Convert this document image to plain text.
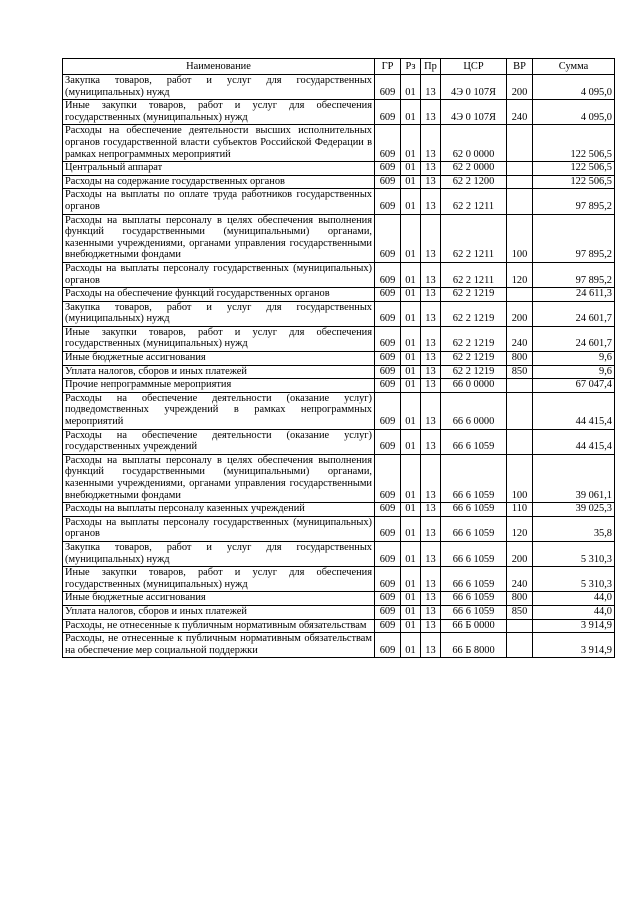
Наименование	ГР	Рз	Пр	ЦСР	ВР	Сумма
Закупка товаров, работ и услуг для государственных (муниципальных) нужд	609	01	13	4Э 0 107Я	200	4 095,0
Иные закупки товаров, работ и услуг для обеспечения государственных (муниципальных) нужд	609	01	13	4Э 0 107Я	240	4 095,0
Расходы на обеспечение деятельности высших исполнительных органов государственной власти субъектов Российской Федерации в рамках непрограммных мероприятий	609	01	13	62 0 0000		122 506,5
Центральный аппарат	609	01	13	62 2 0000		122 506,5
Расходы на содержание государственных органов	609	01	13	62 2 1200		122 506,5
Расходы на выплаты по оплате труда работников государственных органов	609	01	13	62 2 1211		97 895,2
Расходы на выплаты персоналу в целях обеспечения выполнения функций государственными (муниципальными) органами, казенными учреждениями, органами управления государственными внебюджетными фондами	609	01	13	62 2 1211	100	97 895,2
Расходы на выплаты персоналу государственных (муниципальных) органов	609	01	13	62 2 1211	120	97 895,2
Расходы на обеспечение функций государственных органов	609	01	13	62 2 1219		24 611,3
Закупка товаров, работ и услуг для государственных (муниципальных) нужд	609	01	13	62 2 1219	200	24 601,7
Иные закупки товаров, работ и услуг для обеспечения государственных (муниципальных) нужд	609	01	13	62 2 1219	240	24 601,7
Иные бюджетные ассигнования	609	01	13	62 2 1219	800	9,6
Уплата налогов, сборов и иных платежей	609	01	13	62 2 1219	850	9,6
Прочие непрограммные мероприятия	609	01	13	66 0 0000		67 047,4
Расходы на обеспечение деятельности (оказание услуг) подведомственных учреждений в рамках непрограммных мероприятий	609	01	13	66 6 0000		44 415,4
Расходы на обеспечение деятельности (оказание услуг) государственных учреждений	609	01	13	66 6 1059		44 415,4
Расходы на выплаты персоналу в целях обеспечения выполнения функций государственными (муниципальными) органами, казенными учреждениями, органами управления государственными внебюджетными фондами	609	01	13	66 6 1059	100	39 061,1
Расходы на выплаты персоналу казенных учреждений	609	01	13	66 6 1059	110	39 025,3
Расходы на выплаты персоналу государственных (муниципальных) органов	609	01	13	66 6 1059	120	35,8
Закупка товаров, работ и услуг для государственных (муниципальных) нужд	609	01	13	66 6 1059	200	5 310,3
Иные закупки товаров, работ и услуг для обеспечения государственных (муниципальных) нужд	609	01	13	66 6 1059	240	5 310,3
Иные бюджетные ассигнования	609	01	13	66 6 1059	800	44,0
Уплата налогов, сборов и иных платежей	609	01	13	66 6 1059	850	44,0
Расходы, не отнесенные к публичным нормативным обязательствам	609	01	13	66 Б 0000		3 914,9
Расходы, не отнесенные к публичным нормативным обязательствам на обеспечение мер социальной поддержки	609	01	13	66 Б 8000		3 914,9
